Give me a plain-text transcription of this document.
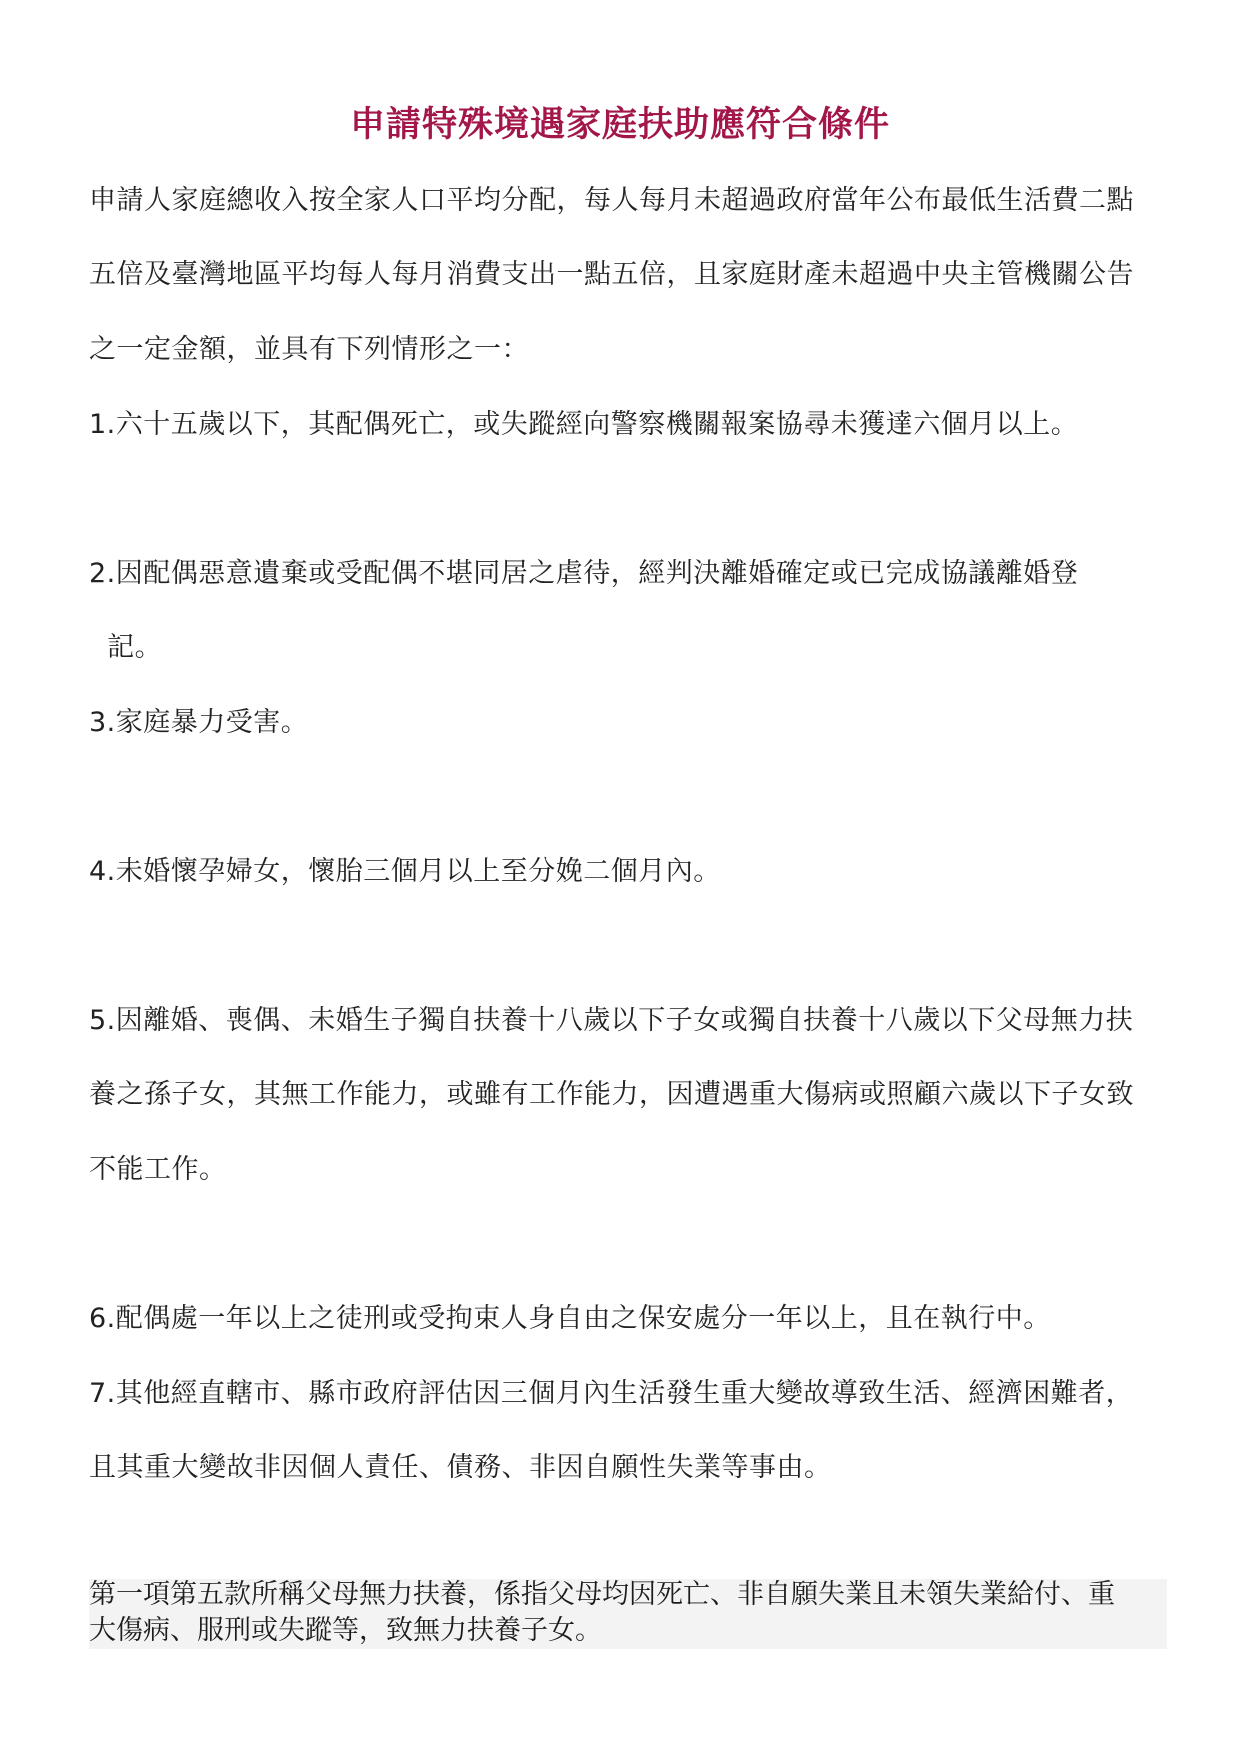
申請特殊境遇家庭扶助應符合條件
申請人家庭總收入按全家人口平均分配，每人每月未超過政府當年公布最低生活費二點
五倍及臺灣地區平均每人每月消費支出一點五倍，且家庭財產未超過中央主管機關公告
之一定金額，並具有下列情形之一：
1.六十五歲以下，其配偶死亡，或失蹤經向警察機關報案協尋未獲達六個月以上。
2.因配偶惡意遺棄或受配偶不堪同居之虐待，經判決離婚確定或已完成協議離婚登
記。
3.家庭暴力受害。
4.未婚懷孕婦女，懷胎三個月以上至分娩二個月內。
5.因離婚、喪偶、未婚生子獨自扶養十八歲以下子女或獨自扶養十八歲以下父母無力扶
養之孫子女，其無工作能力，或雖有工作能力，因遭遇重大傷病或照顧六歲以下子女致
不能工作。
6.配偶處一年以上之徒刑或受拘束人身自由之保安處分一年以上，且在執行中。
7.其他經直轄市、縣市政府評估因三個月內生活發生重大變故導致生活、經濟困難者，
且其重大變故非因個人責任、債務、非因自願性失業等事由。
第一項第五款所稱父母無力扶養，係指父母均因死亡、非自願失業且未領失業給付、重
大傷病、服刑或失蹤等，致無力扶養子女。
